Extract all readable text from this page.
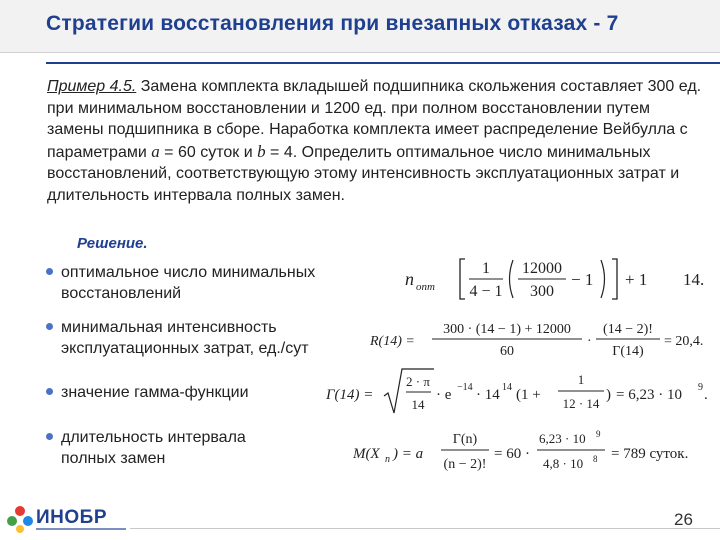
Стратегии восстановления при внезапных отказах - 7
Пример 4.5. Замена комплекта вкладышей подшипника скольжения составляет 300 ед. при минимальном восстановлении и 1200 ед. при полном восстановлении путем замены подшипника в сборе. Наработка комплекта имеет распределение Вейбулла с параметрами a = 60 суток и b = 4. Определить оптимальное число минимальных восстановлений, соответствующую этому интенсивность эксплуатационных затрат и длительность интервала полных замен.
Решение.
оптимальное число минимальных восстановлений
минимальная интенсивность эксплуатационных затрат, ед./сут
значение гамма-функции
длительность интервала полных замен
n опт
1
4 − 1
12000
300
− 1 + 1 14.
R(14) =
300 · (14 − 1) + 12000
60
·
(14 − 2)!
Γ(14)
= 20,4.
Γ(14) =
2 · π
14
· e −14 · 14 14 (1 +
1
12 · 14
) = 6,23 · 10 9 .
M(X n ) = a
Γ(n)
(n − 2)!
= 60 ·
6,23 · 10 9
4,8 · 10 8 = 789 суток.
ИНОБР	26
